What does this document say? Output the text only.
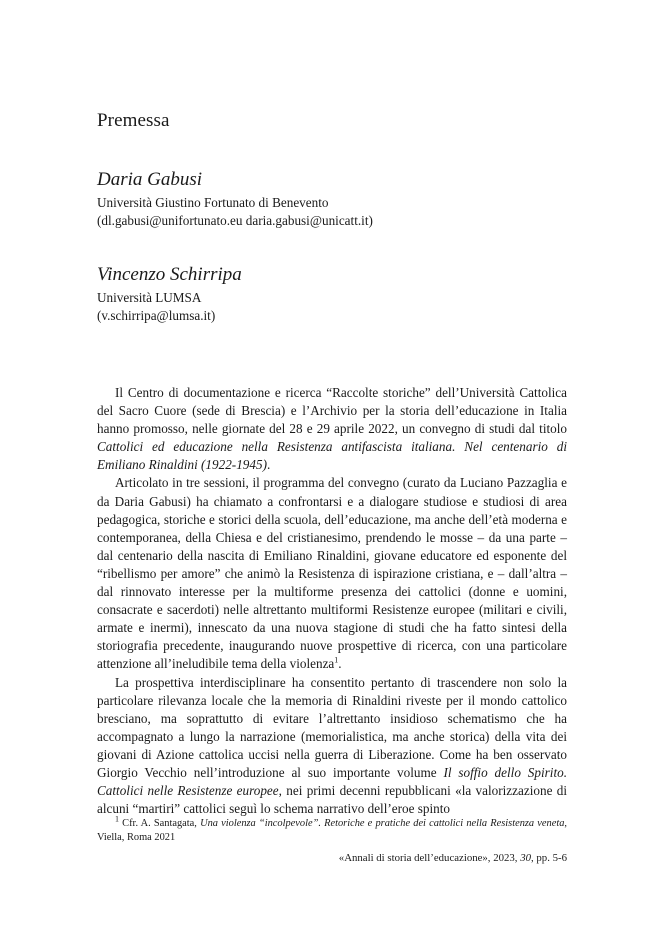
Premessa
Daria Gabusi
Università Giustino Fortunato di Benevento
(dl.gabusi@unifortunato.eu daria.gabusi@unicatt.it)
Vincenzo Schirripa
Università LUMSA
(v.schirripa@lumsa.it)

Il Centro di documentazione e ricerca “Raccolte storiche” dell’Università Cattolica del Sacro Cuore (sede di Brescia) e l’Archivio per la storia dell’educazione in Italia hanno promosso, nelle giornate del 28 e 29 aprile 2022, un convegno di studi dal titolo Cattolici ed educazione nella Resistenza antifascista italiana. Nel centenario di Emiliano Rinaldini (1922-1945).

Articolato in tre sessioni, il programma del convegno (curato da Luciano Pazzaglia e da Daria Gabusi) ha chiamato a confrontarsi e a dialogare studiose e studiosi di area pedagogica, storiche e storici della scuola, dell’educazione, ma anche dell’età moderna e contemporanea, della Chiesa e del cristianesimo, prendendo le mosse – da una parte – dal centenario della nascita di Emiliano Rinaldini, giovane educatore ed esponente del “ribellismo per amore” che animò la Resistenza di ispirazione cristiana, e – dall’altra – dal rinnovato interesse per la multiforme presenza dei cattolici (donne e uomini, consacrate e sacerdoti) nelle altrettanto multiformi Resistenze europee (militari e civili, armate e inermi), innescato da una nuova stagione di studi che ha fatto sintesi della storiografia precedente, inaugurando nuove prospettive di ricerca, con una particolare attenzione all’ineludibile tema della violenza$^1$.

La prospettiva interdisciplinare ha consentito pertanto di trascendere non solo la particolare rilevanza locale che la memoria di Rinaldini riveste per il mondo cattolico bresciano, ma soprattutto di evitare l’altrettanto insidioso schematismo che ha accompagnato a lungo la narrazione (memorialistica, ma anche storica) della vita dei giovani di Azione cattolica uccisi nella guerra di Liberazione. Come ha ben osservato Giorgio Vecchio nell’introduzione al suo importante volume Il soffio dello Spirito. Cattolici nelle Resistenze europee, nei primi decenni repubblicani «la valorizzazione di alcuni “martiri” cattolici seguì lo schema narrativo dell’eroe spinto

$^1$ Cfr. A. Santagata, Una violenza “incolpevole”. Retoriche e pratiche dei cattolici nella Resistenza veneta, Viella, Roma 2021

«Annali di storia dell’educazione», 2023, 30, pp. 5-6
